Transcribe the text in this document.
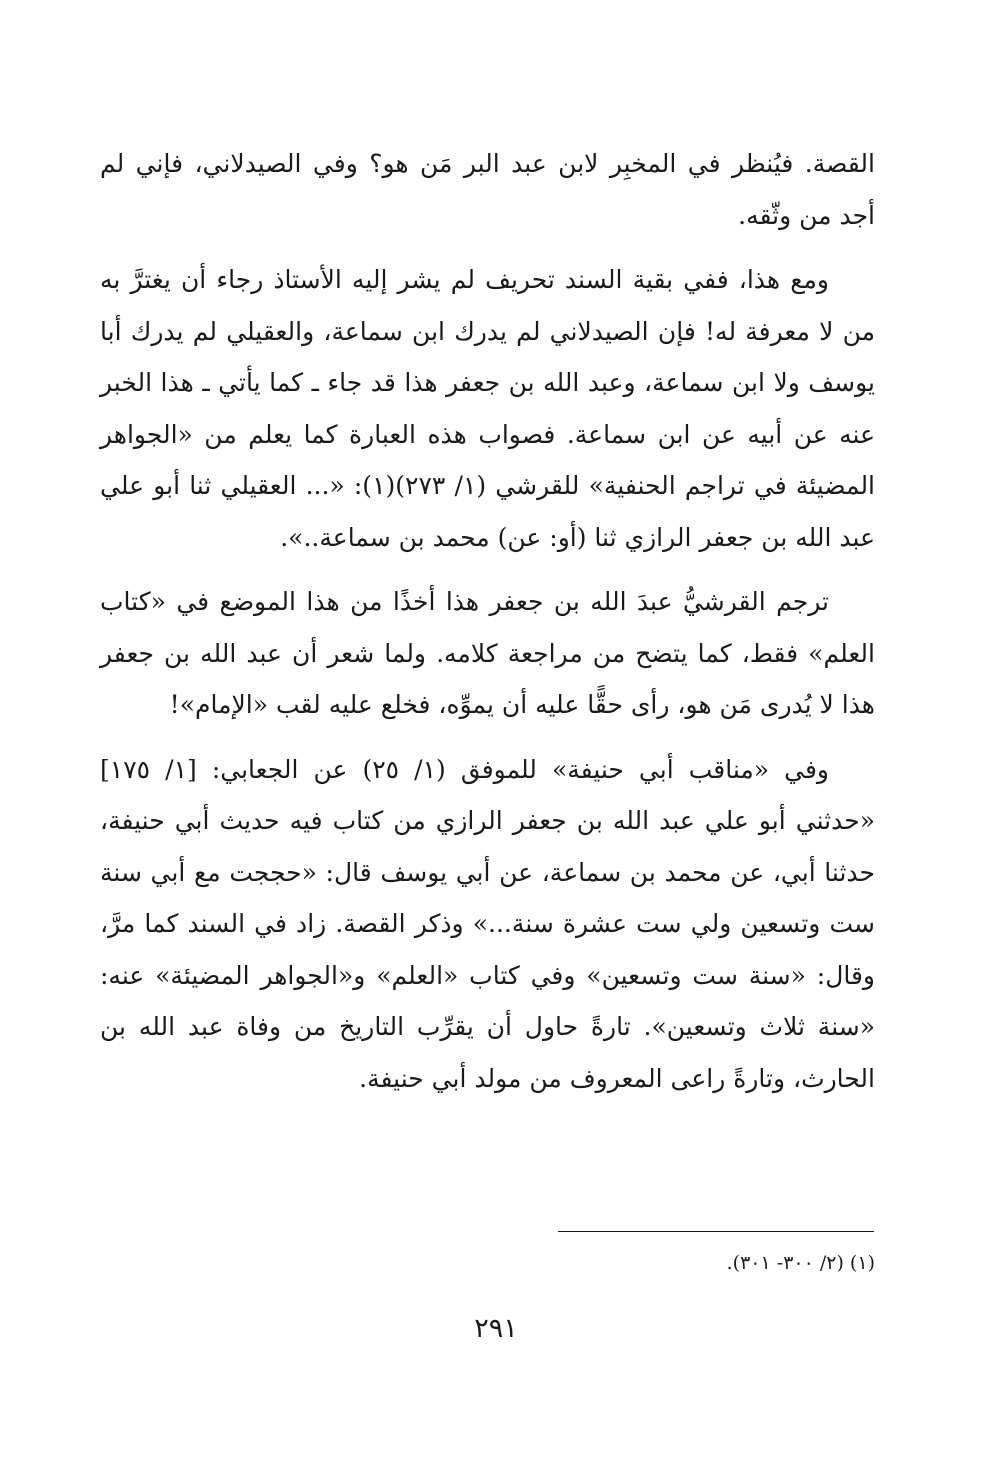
القصة. فيُنظر في المخبِر لابن عبد البر مَن هو؟ وفي الصيدلاني، فإني لم أجد من وثّقه.

ومع هذا، ففي بقية السند تحريف لم يشر إليه الأستاذ رجاء أن يغترَّ به من لا معرفة له! فإن الصيدلاني لم يدرك ابن سماعة، والعقيلي لم يدرك أبا يوسف ولا ابن سماعة، وعبد الله بن جعفر هذا قد جاء ـ كما يأتي ـ هذا الخبر عنه عن أبيه عن ابن سماعة. فصواب هذه العبارة كما يعلم من «الجواهر المضيئة في تراجم الحنفية» للقرشي (١/ ٢٧٣)(١): «... العقيلي ثنا أبو علي عبد الله بن جعفر الرازي ثنا (أو: عن) محمد بن سماعة..».

ترجم القرشيُّ عبدَ الله بن جعفر هذا أخذًا من هذا الموضع في «كتاب العلم» فقط، كما يتضح من مراجعة كلامه. ولما شعر أن عبد الله بن جعفر هذا لا يُدرى مَن هو، رأى حقًّا عليه أن يموِّه، فخلع عليه لقب «الإمام»!

وفي «مناقب أبي حنيفة» للموفق (١/ ٢٥) عن الجعابي: [١/ ١٧٥] «حدثني أبو علي عبد الله بن جعفر الرازي من كتاب فيه حديث أبي حنيفة، حدثنا أبي، عن محمد بن سماعة، عن أبي يوسف قال: «حججت مع أبي سنة ست وتسعين ولي ست عشرة سنة...» وذكر القصة. زاد في السند كما مرَّ، وقال: «سنة ست وتسعين» وفي كتاب «العلم» و«الجواهر المضيئة» عنه: «سنة ثلاث وتسعين». تارةً حاول أن يقرِّب التاريخ من وفاة عبد الله بن الحارث، وتارةً راعى المعروف من مولد أبي حنيفة.

(١) (٢/ ٣٠٠- ٣٠١).
٢٩١
